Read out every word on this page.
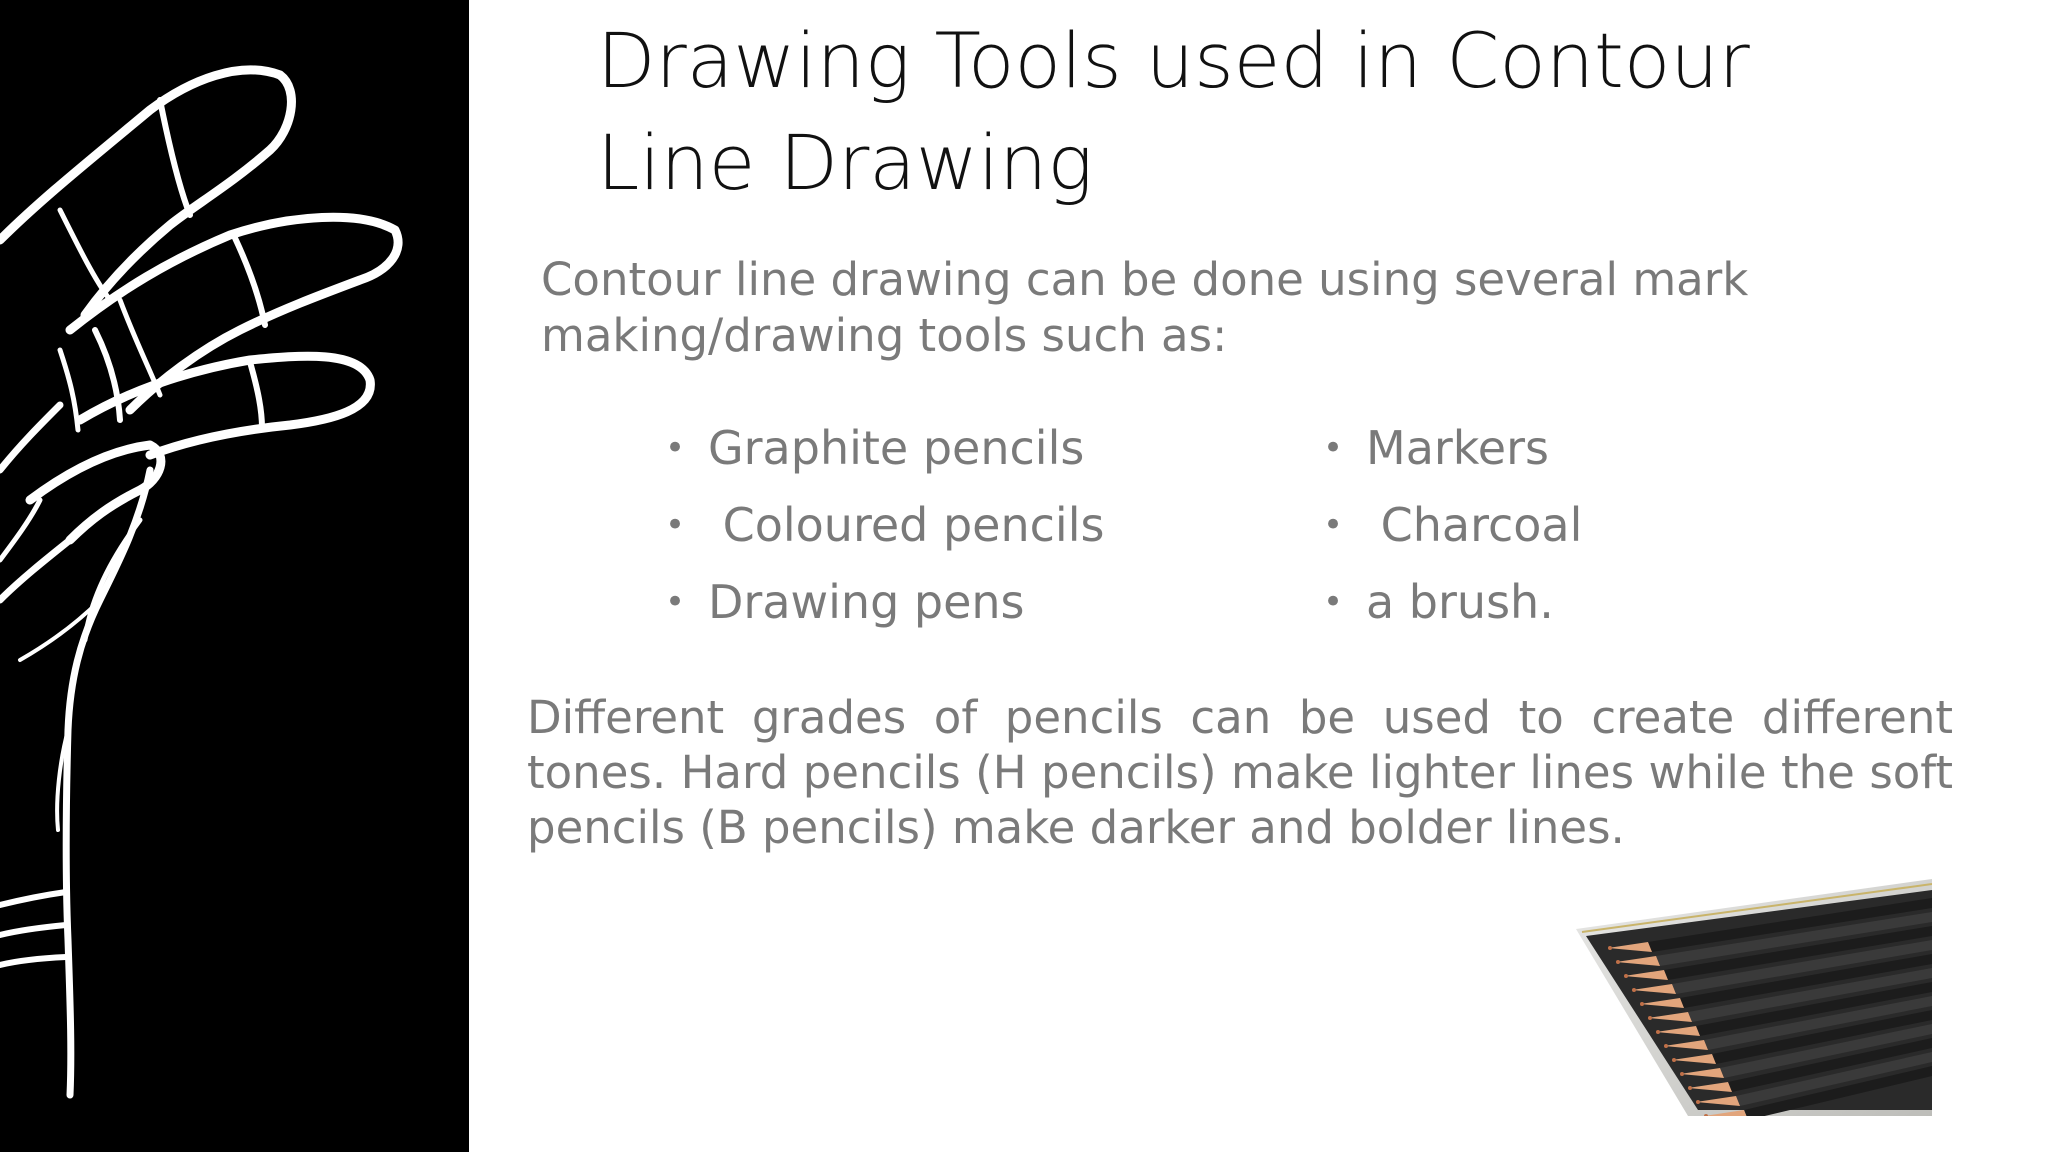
Drawing Tools used in Contour Line Drawing
Contour line drawing can be done using several mark making/drawing tools such as:
• Graphite pencils
• Coloured pencils
• Drawing pens
• Markers
• Charcoal
• a brush.
Different grades of pencils can be used to create different tones. Hard pencils (H pencils) make lighter lines while the soft pencils (B pencils) make darker and bolder lines.
